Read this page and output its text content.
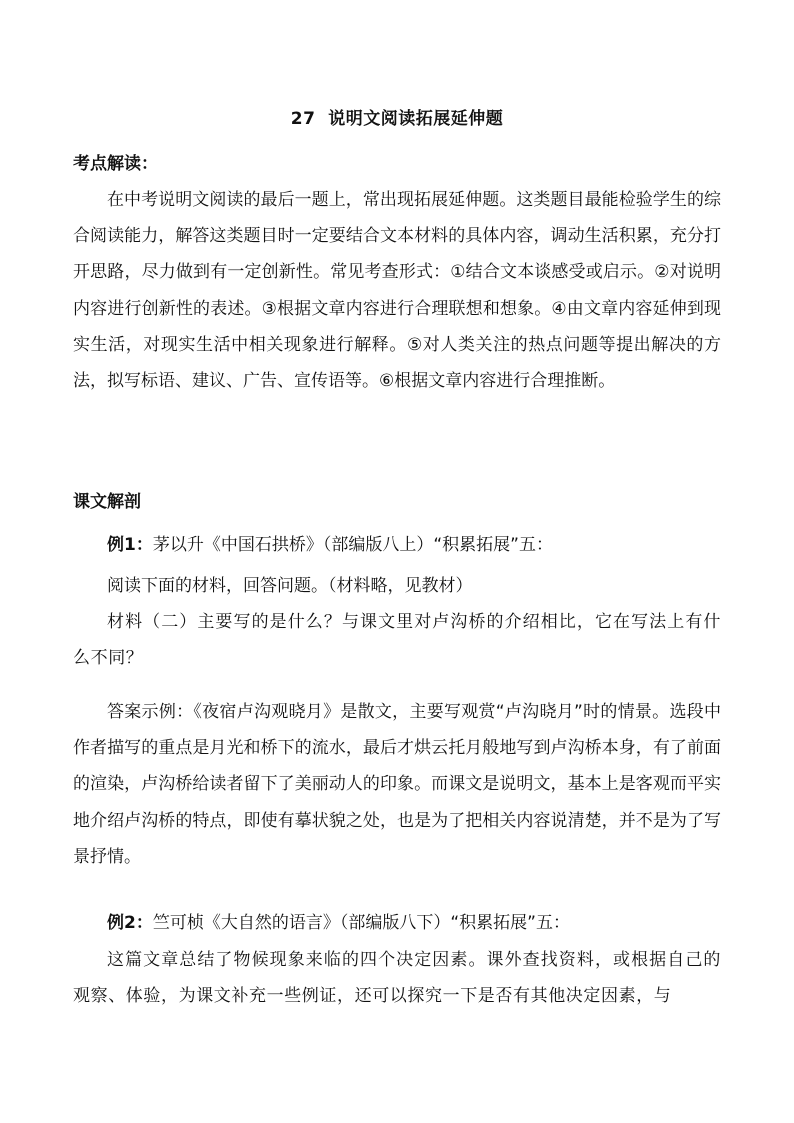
27  说明文阅读拓展延伸题
考点解读：

在中考说明文阅读的最后一题上，常出现拓展延伸题。这类题目最能检验学生的综合阅读能力，解答这类题目时一定要结合文本材料的具体内容，调动生活积累，充分打开思路，尽力做到有一定创新性。常见考查形式：①结合文本谈感受或启示。②对说明内容进行创新性的表述。③根据文章内容进行合理联想和想象。④由文章内容延伸到现实生活，对现实生活中相关现象进行解释。⑤对人类关注的热点问题等提出解决的方法，拟写标语、建议、广告、宣传语等。⑥根据文章内容进行合理推断。

课文解剖

例1：茅以升《中国石拱桥》（部编版八上）“积累拓展”五：

阅读下面的材料，回答问题。（材料略，见教材）

材料（二）主要写的是什么？与课文里对卢沟桥的介绍相比，它在写法上有什么不同？

答案示例：《夜宿卢沟观晓月》是散文，主要写观赏“卢沟晓月”时的情景。选段中作者描写的重点是月光和桥下的流水，最后才烘云托月般地写到卢沟桥本身，有了前面的渲染，卢沟桥给读者留下了美丽动人的印象。而课文是说明文，基本上是客观而平实地介绍卢沟桥的特点，即使有摹状貌之处，也是为了把相关内容说清楚，并不是为了写景抒情。

例2：竺可桢《大自然的语言》（部编版八下）“积累拓展”五：

这篇文章总结了物候现象来临的四个决定因素。课外查找资料，或根据自己的观察、体验，为课文补充一些例证，还可以探究一下是否有其他决定因素，与
